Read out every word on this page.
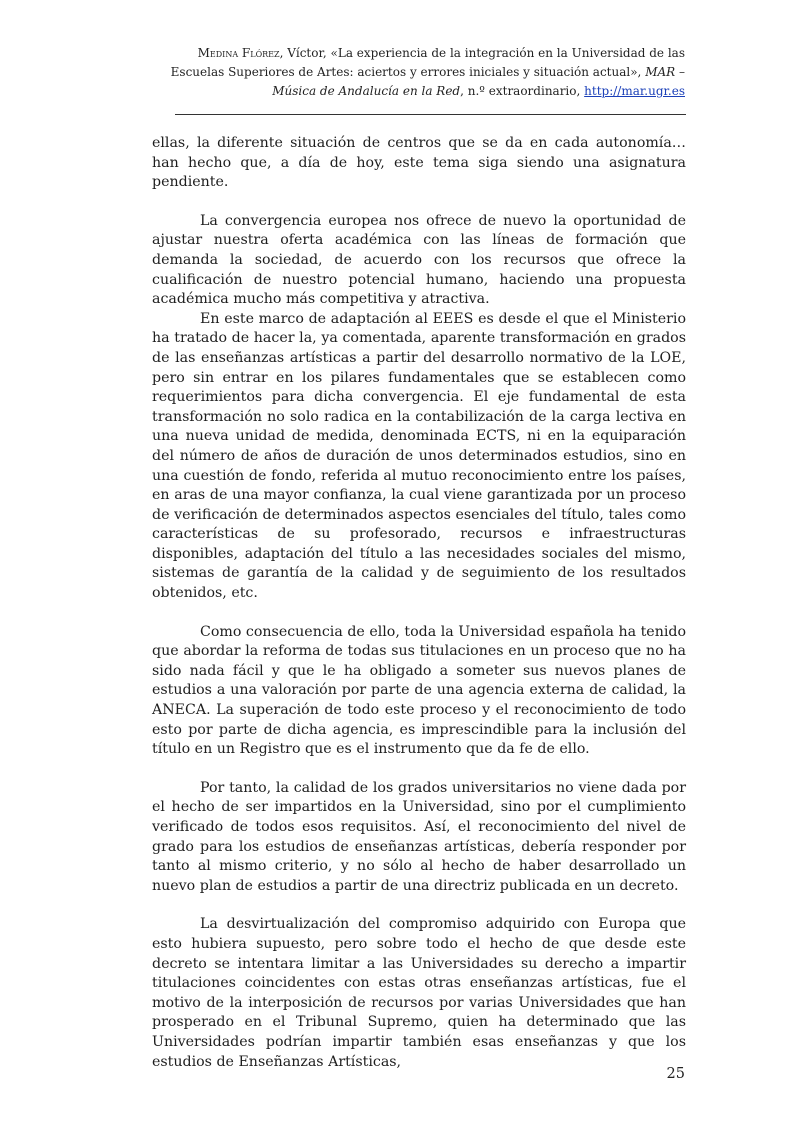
Medina Flórez, Víctor, «La experiencia de la integración en la Universidad de las Escuelas Superiores de Artes: aciertos y errores iniciales y situación actual», MAR – Música de Andalucía en la Red, n.º extraordinario, http://mar.ugr.es

ellas, la diferente situación de centros que se da en cada autonomía… han hecho que, a día de hoy, este tema siga siendo una asignatura pendiente.

La convergencia europea nos ofrece de nuevo la oportunidad de ajustar nuestra oferta académica con las líneas de formación que demanda la sociedad, de acuerdo con los recursos que ofrece la cualificación de nuestro potencial humano, haciendo una propuesta académica mucho más competitiva y atractiva.

En este marco de adaptación al EEES es desde el que el Ministerio ha tratado de hacer la, ya comentada, aparente transformación en grados de las enseñanzas artísticas a partir del desarrollo normativo de la LOE, pero sin entrar en los pilares fundamentales que se establecen como requerimientos para dicha convergencia. El eje fundamental de esta transformación no solo radica en la contabilización de la carga lectiva en una nueva unidad de medida, denominada ECTS, ni en la equiparación del número de años de duración de unos determinados estudios, sino en una cuestión de fondo, referida al mutuo reconocimiento entre los países, en aras de una mayor confianza, la cual viene garantizada por un proceso de verificación de determinados aspectos esenciales del título, tales como características de su profesorado, recursos e infraestructuras disponibles, adaptación del título a las necesidades sociales del mismo, sistemas de garantía de la calidad y de seguimiento de los resultados obtenidos, etc.

Como consecuencia de ello, toda la Universidad española ha tenido que abordar la reforma de todas sus titulaciones en un proceso que no ha sido nada fácil y que le ha obligado a someter sus nuevos planes de estudios a una valoración por parte de una agencia externa de calidad, la ANECA. La superación de todo este proceso y el reconocimiento de todo esto por parte de dicha agencia, es imprescindible para la inclusión del título en un Registro que es el instrumento que da fe de ello.

Por tanto, la calidad de los grados universitarios no viene dada por el hecho de ser impartidos en la Universidad, sino por el cumplimiento verificado de todos esos requisitos. Así, el reconocimiento del nivel de grado para los estudios de enseñanzas artísticas, debería responder por tanto al mismo criterio, y no sólo al hecho de haber desarrollado un nuevo plan de estudios a partir de una directriz publicada en un decreto.

La desvirtualización del compromiso adquirido con Europa que esto hubiera supuesto, pero sobre todo el hecho de que desde este decreto se intentara limitar a las Universidades su derecho a impartir titulaciones coincidentes con estas otras enseñanzas artísticas, fue el motivo de la interposición de recursos por varias Universidades que han prosperado en el Tribunal Supremo, quien ha determinado que las Universidades podrían impartir también esas enseñanzas y que los estudios de Enseñanzas Artísticas,

25
